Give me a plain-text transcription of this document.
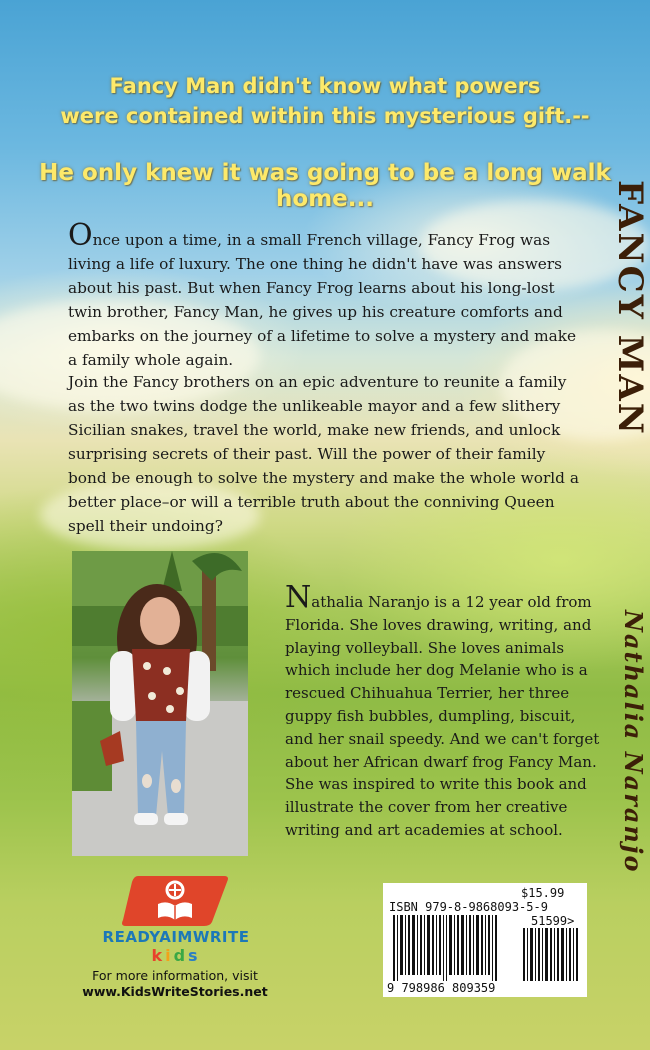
FANCY MAN
Nathalia Naranjo
Fancy Man didn't know what powers
were contained within this mysterious gift.--
He only knew it was going to be a long walk home...

Once upon a time, in a small French village, Fancy Frog was living a life of luxury. The one thing he didn't have was answers about his past. But when Fancy Frog learns about his long-lost twin brother, Fancy Man, he gives up his creature comforts and embarks on the journey of a lifetime to solve a mystery and make a family whole again.

Join the Fancy brothers on an epic adventure to reunite a family as the two twins dodge the unlikeable mayor and a few slithery Sicilian snakes, travel the world, make new friends, and unlock surprising secrets of their past. Will the power of their family bond be enough to solve the mystery and make the whole world a better place–or will a terrible truth about the conniving Queen spell their undoing?

Nathalia Naranjo is a 12 year old from Florida. She loves drawing, writing, and playing volleyball. She loves animals which include her dog Melanie who is a rescued Chihuahua Terrier, her three guppy fish bubbles, dumpling, biscuit, and her snail speedy. And we can't forget about her African dwarf frog Fancy Man. She was inspired to write this book and illustrate the cover from her creative writing and art academies at school.

READYAIMWRITE
kids
For more information, visit
www.KidsWriteStories.net
$15.99
ISBN 979-8-9868093-5-9
51599>
9 798986 809359
